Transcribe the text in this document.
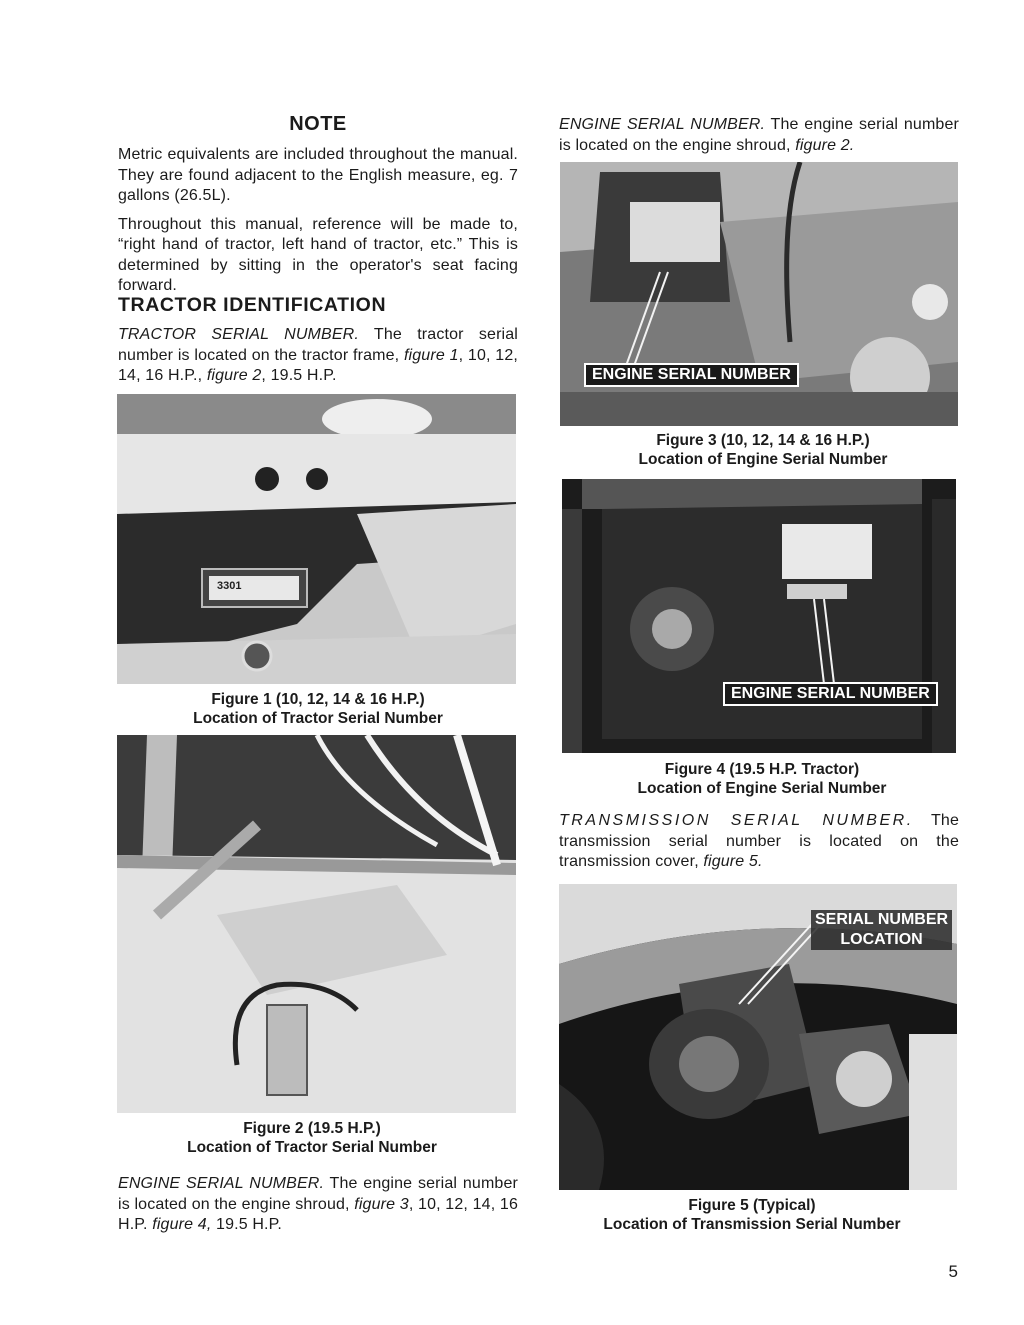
NOTE

Metric equivalents are included throughout the manual. They are found adjacent to the English measure, eg. 7 gallons (26.5L).

Throughout this manual, reference will be made to, “right hand of tractor, left hand of tractor, etc.” This is determined by sitting in the operator's seat facing forward.

TRACTOR IDENTIFICATION

TRACTOR SERIAL NUMBER. The tractor serial number is located on the tractor frame, figure 1, 10, 12, 14, 16 H.P., figure 2, 19.5 H.P.

3301
Figure 1 (10, 12, 14 & 16 H.P.)
Location of Tractor Serial Number
Figure 2 (19.5 H.P.)
Location of Tractor Serial Number

ENGINE SERIAL NUMBER. The engine serial number is located on the engine shroud, figure 3, 10, 12, 14, 16 H.P. figure 4, 19.5 H.P.

ENGINE SERIAL NUMBER. The engine serial number is located on the engine shroud, figure 2.

ENGINE SERIAL NUMBER
Figure 3 (10, 12, 14 & 16 H.P.)
Location of Engine Serial Number
ENGINE SERIAL NUMBER
Figure 4 (19.5 H.P. Tractor)
Location of Engine Serial Number

TRANSMISSION SERIAL NUMBER. The transmission serial number is located on the transmission cover, figure 5.

SERIAL NUMBER
LOCATION
Figure 5 (Typical)
Location of Transmission Serial Number
5
